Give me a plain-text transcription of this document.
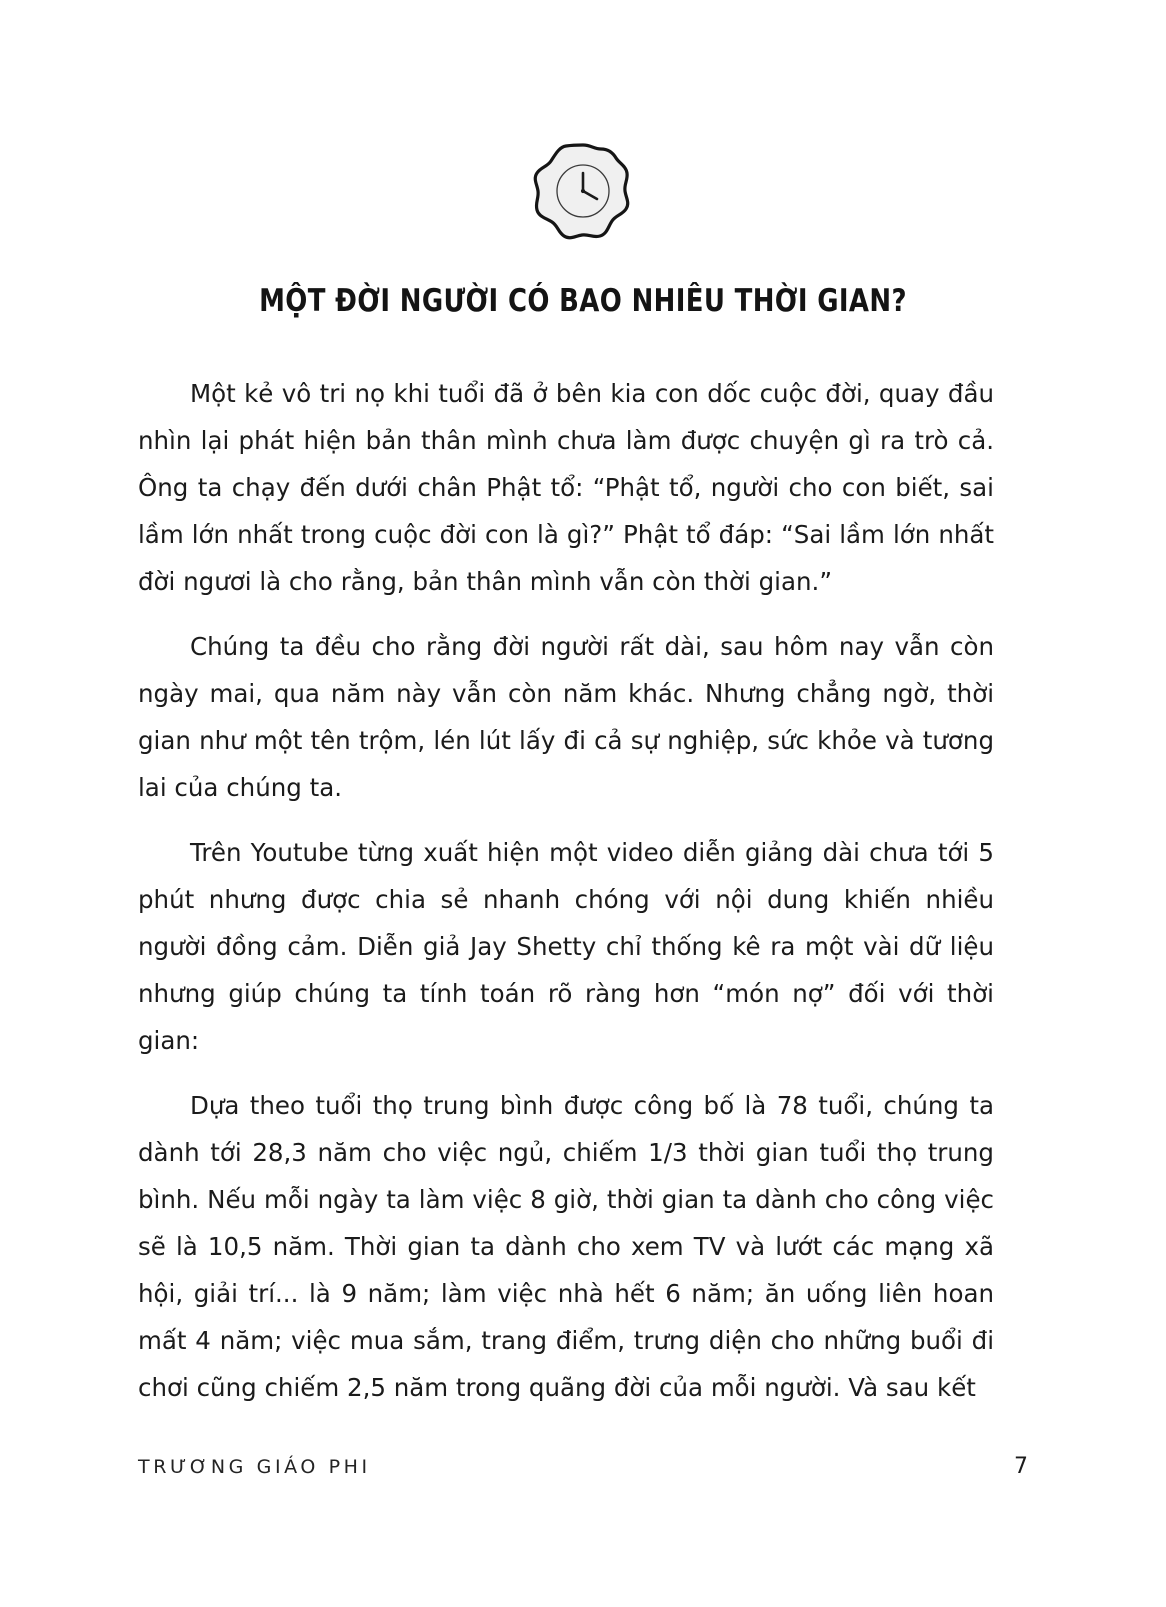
MỘT ĐỜI NGƯỜI CÓ BAO NHIÊU THỜI GIAN?

Một kẻ vô tri nọ khi tuổi đã ở bên kia con dốc cuộc đời, quay đầu nhìn lại phát hiện bản thân mình chưa làm được chuyện gì ra trò cả. Ông ta chạy đến dưới chân Phật tổ: “Phật tổ, người cho con biết, sai lầm lớn nhất trong cuộc đời con là gì?” Phật tổ đáp: “Sai lầm lớn nhất đời ngươi là cho rằng, bản thân mình vẫn còn thời gian.”

Chúng ta đều cho rằng đời người rất dài, sau hôm nay vẫn còn ngày mai, qua năm này vẫn còn năm khác. Nhưng chẳng ngờ, thời gian như một tên trộm, lén lút lấy đi cả sự nghiệp, sức khỏe và tương lai của chúng ta.

Trên Youtube từng xuất hiện một video diễn giảng dài chưa tới 5 phút nhưng được chia sẻ nhanh chóng với nội dung khiến nhiều người đồng cảm. Diễn giả Jay Shetty chỉ thống kê ra một vài dữ liệu nhưng giúp chúng ta tính toán rõ ràng hơn “món nợ” đối với thời gian:

Dựa theo tuổi thọ trung bình được công bố là 78 tuổi, chúng ta dành tới 28,3 năm cho việc ngủ, chiếm 1/3 thời gian tuổi thọ trung bình. Nếu mỗi ngày ta làm việc 8 giờ, thời gian ta dành cho công việc sẽ là 10,5 năm. Thời gian ta dành cho xem TV và lướt các mạng xã hội, giải trí... là 9 năm; làm việc nhà hết 6 năm; ăn uống liên hoan mất 4 năm; việc mua sắm, trang điểm, trưng diện cho những buổi đi chơi cũng chiếm 2,5 năm trong quãng đời của mỗi người. Và sau kết

TRƯƠNG GIÁO PHI	7
